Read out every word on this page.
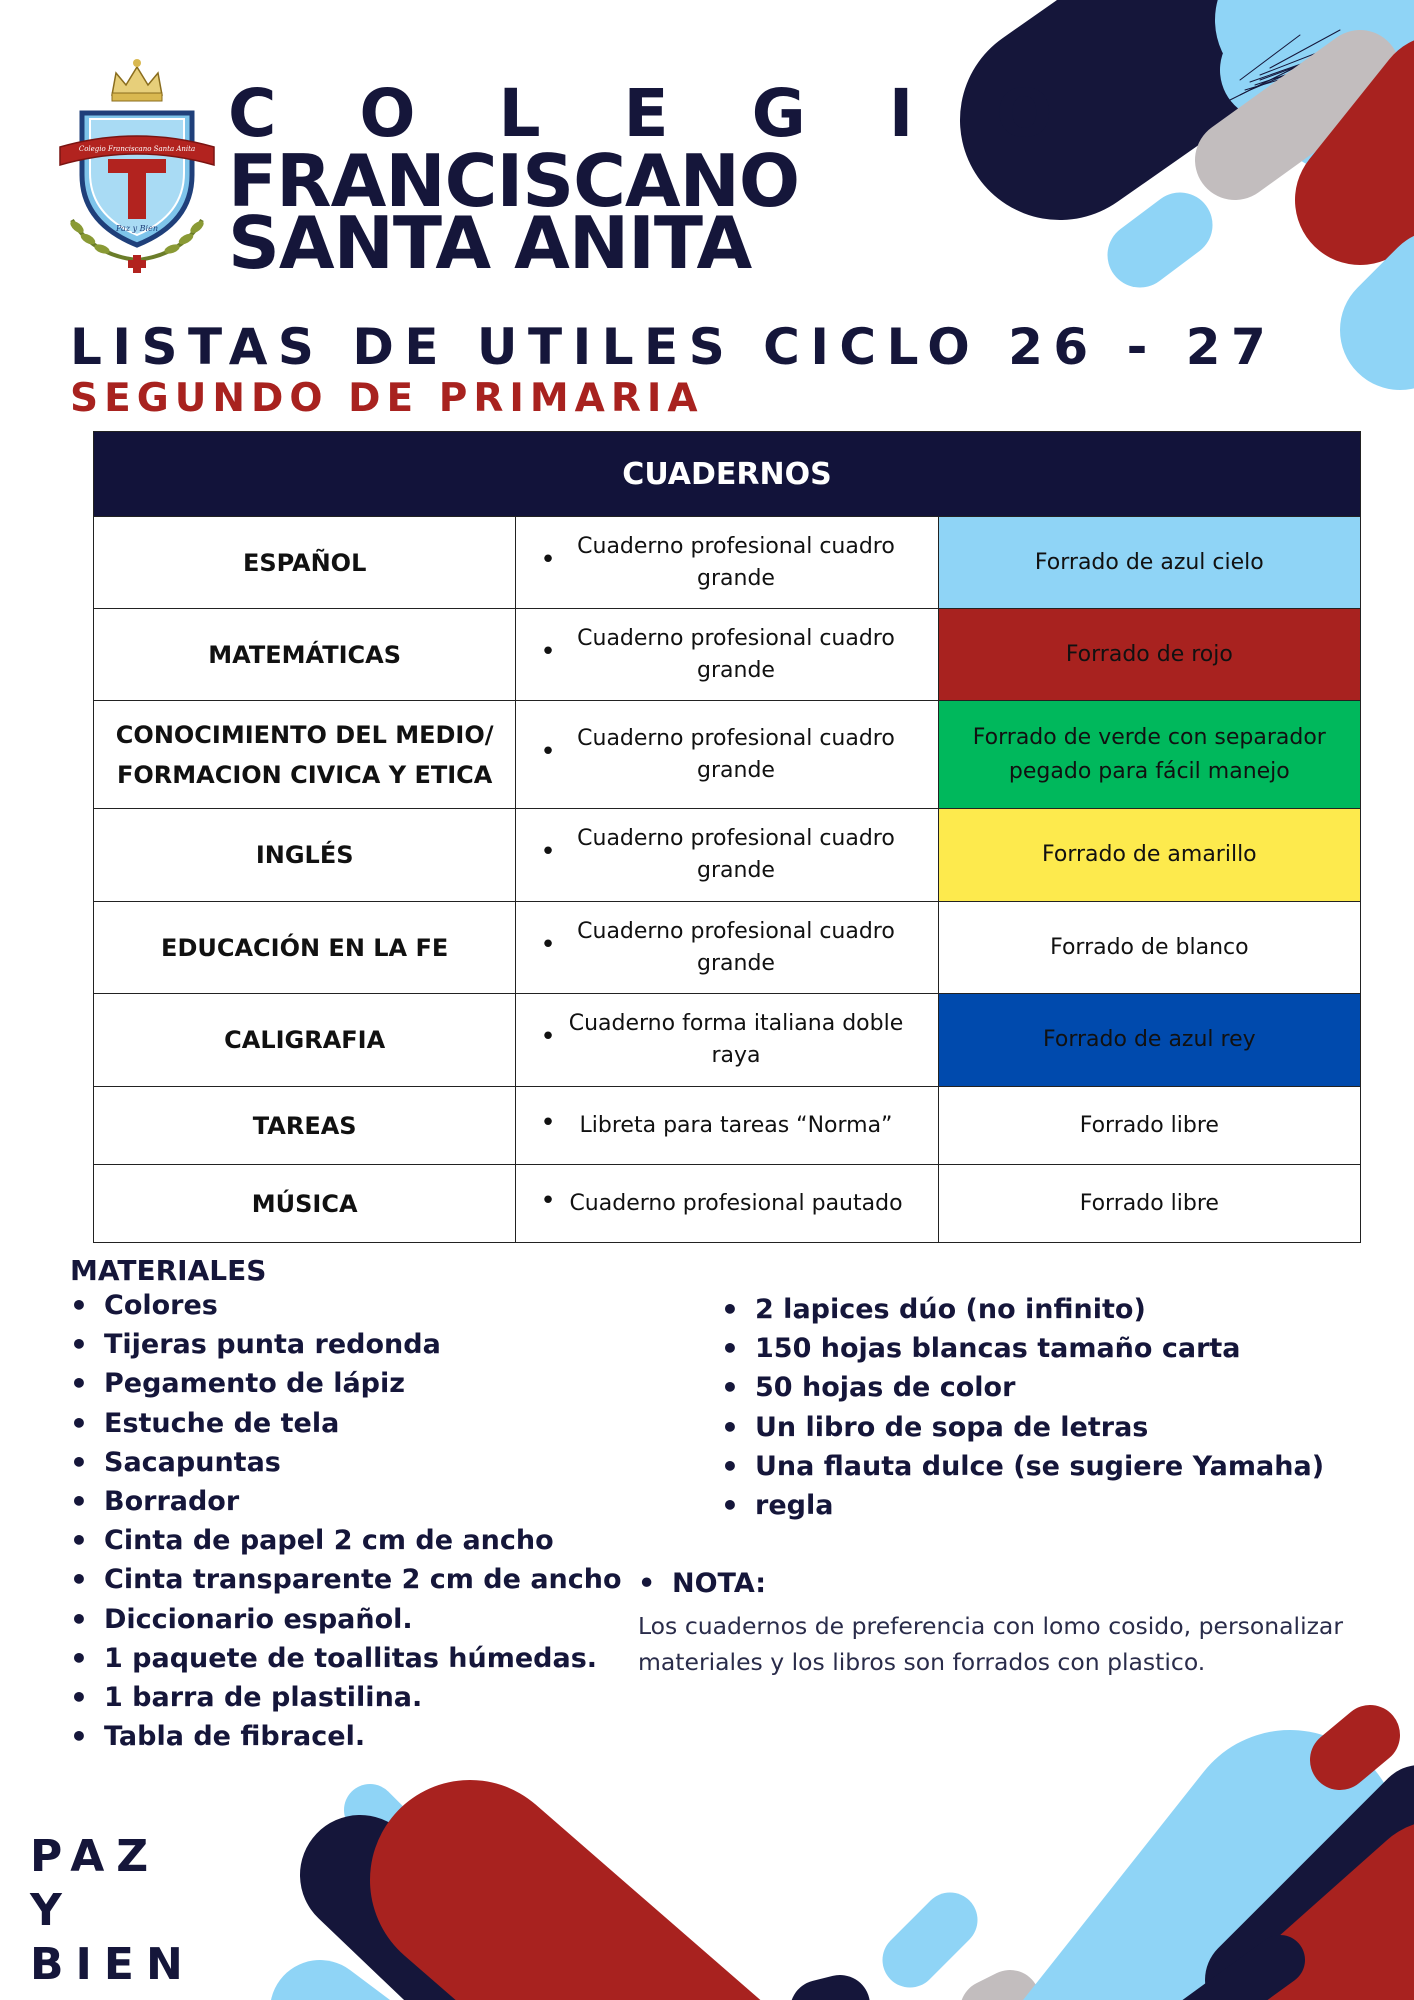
Colegio Franciscano Santa Anita
Paz y Bien
C O L E G I O
FRANCISCANO
SANTA ANITA
LISTAS DE UTILES CICLO 26 - 27
SEGUNDO DE PRIMARIA
CUADERNOS		
ESPAÑOL	• Cuaderno profesional cuadro grande	Forrado de azul cielo
MATEMÁTICAS	• Cuaderno profesional cuadro grande	Forrado de rojo
CONOCIMIENTO DEL MEDIO/ FORMACION CIVICA Y ETICA	• Cuaderno profesional cuadro grande	Forrado de verde con separador pegado para fácil manejo
INGLÉS	• Cuaderno profesional cuadro grande	Forrado de amarillo
EDUCACIÓN EN LA FE	• Cuaderno profesional cuadro grande	Forrado de blanco
CALIGRAFIA	• Cuaderno forma italiana doble raya	Forrado de azul rey
TAREAS	• Libreta para tareas “Norma”	Forrado libre
MÚSICA	• Cuaderno profesional pautado	Forrado libre
MATERIALES
• Colores
• Tijeras punta redonda
• Pegamento de lápiz
• Estuche de tela
• Sacapuntas
• Borrador
• Cinta de papel 2 cm de ancho
• Cinta transparente 2 cm de ancho
• Diccionario español.
• 1 paquete de toallitas húmedas.
• 1 barra de plastilina.
• Tabla de fibracel.
• 2 lapices dúo (no infinito)
• 150 hojas blancas tamaño carta
• 50 hojas de color
• Un libro de sopa de letras
• Una flauta dulce (se sugiere Yamaha)
• regla
• NOTA:
Los cuadernos de preferencia con lomo cosido, personalizar materiales y los libros son forrados con plastico.
PAZ
Y
BIEN
